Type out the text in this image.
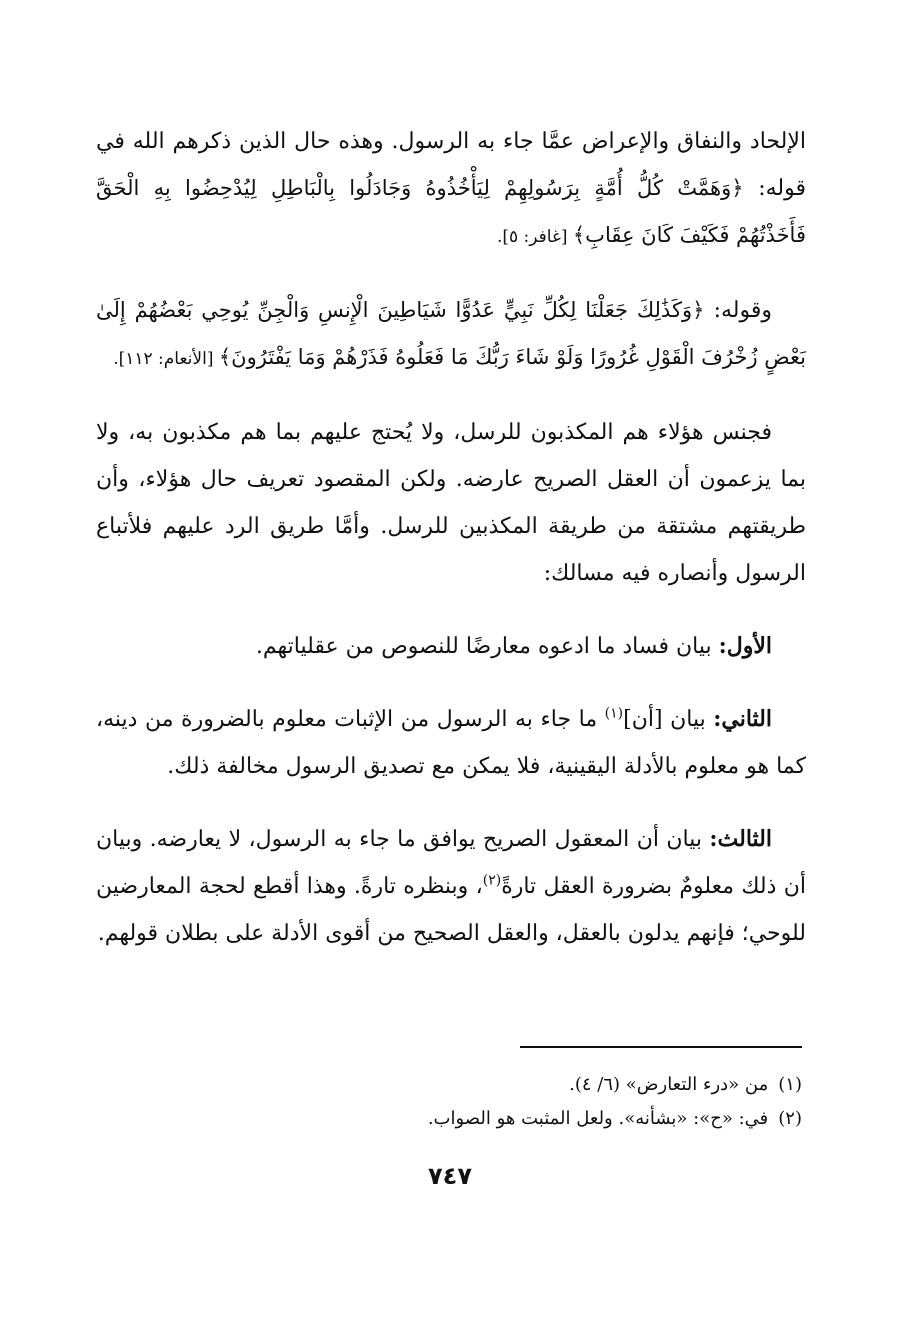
الإلحاد والنفاق والإعراض عمَّا جاء به الرسول. وهذه حال الذين ذكرهم الله في قوله: ﴿وَهَمَّتْ كُلُّ أُمَّةٍ بِرَسُولِهِمْ لِيَأْخُذُوهُ وَجَادَلُوا بِالْبَاطِلِ لِيُدْحِضُوا بِهِ الْحَقَّ فَأَخَذْتُهُمْ فَكَيْفَ كَانَ عِقَابِ﴾ [غافر: ٥].

وقوله: ﴿وَكَذَٰلِكَ جَعَلْنَا لِكُلِّ نَبِيٍّ عَدُوًّا شَيَاطِينَ الْإِنسِ وَالْجِنِّ يُوحِي بَعْضُهُمْ إِلَىٰ بَعْضٍ زُخْرُفَ الْقَوْلِ غُرُورًا وَلَوْ شَاءَ رَبُّكَ مَا فَعَلُوهُ فَذَرْهُمْ وَمَا يَفْتَرُونَ﴾ [الأنعام: ١١٢].

فجنس هؤلاء هم المكذبون للرسل، ولا يُحتج عليهم بما هم مكذبون به، ولا بما يزعمون أن العقل الصريح عارضه. ولكن المقصود تعريف حال هؤلاء، وأن طريقتهم مشتقة من طريقة المكذبين للرسل. وأمَّا طريق الرد عليهم فلأتباع الرسول وأنصاره فيه مسالك:

الأول: بيان فساد ما ادعوه معارضًا للنصوص من عقلياتهم.

الثاني: بيان [أن]$^{(١)}$ ما جاء به الرسول من الإثبات معلوم بالضرورة من دينه، كما هو معلوم بالأدلة اليقينية، فلا يمكن مع تصديق الرسول مخالفة ذلك.

الثالث: بيان أن المعقول الصريح يوافق ما جاء به الرسول، لا يعارضه. وبيان أن ذلك معلومٌ بضرورة العقل تارةً$^{(٢)}$، وبنظره تارةً. وهذا أقطع لحجة المعارضين للوحي؛ فإنهم يدلون بالعقل، والعقل الصحيح من أقوى الأدلة على بطلان قولهم.

(١)من «درء التعارض» (٦/ ٤).

(٢)في: «ح»: «بشأنه». ولعل المثبت هو الصواب.

٧٤٧
